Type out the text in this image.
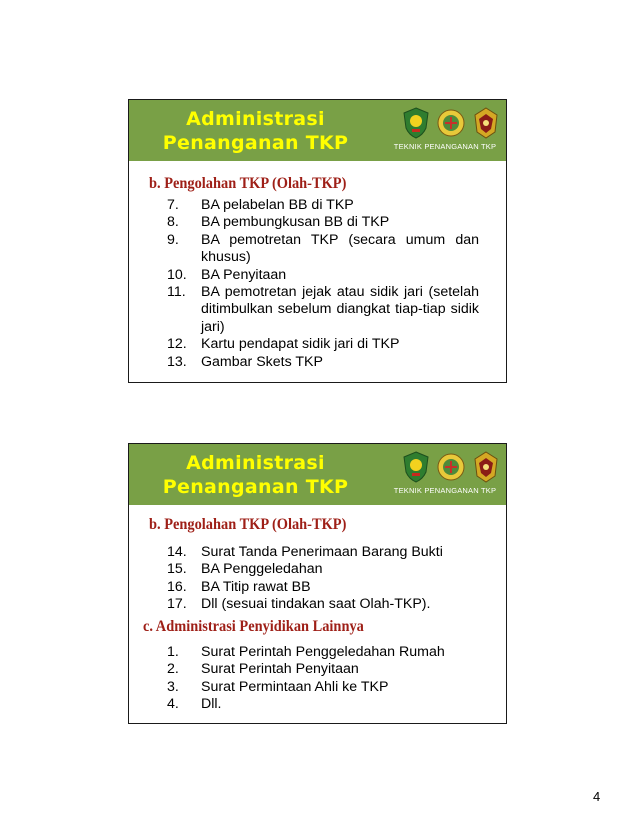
Administrasi
Penanganan TKP	TEKNIK PENANGANAN TKP
b. Pengolahan TKP (Olah-TKP)
7. BA pelabelan BB di TKP
8. BA pembungkusan BB di TKP
9. BA pemotretan TKP (secara umum dan khusus)
10. BA Penyitaan
11. BA pemotretan jejak atau sidik jari (setelah ditimbulkan sebelum diangkat tiap-tiap sidik jari)
12. Kartu pendapat sidik jari di TKP
13. Gambar Skets TKP
Administrasi
Penanganan TKP	TEKNIK PENANGANAN TKP
b. Pengolahan TKP (Olah-TKP)
14. Surat Tanda Penerimaan Barang Bukti
15. BA Penggeledahan
16. BA Titip rawat BB
17. Dll (sesuai tindakan saat Olah-TKP).
c. Administrasi Penyidikan Lainnya
1. Surat Perintah Penggeledahan Rumah
2. Surat Perintah Penyitaan
3. Surat Permintaan Ahli ke TKP
4. Dll.
4
